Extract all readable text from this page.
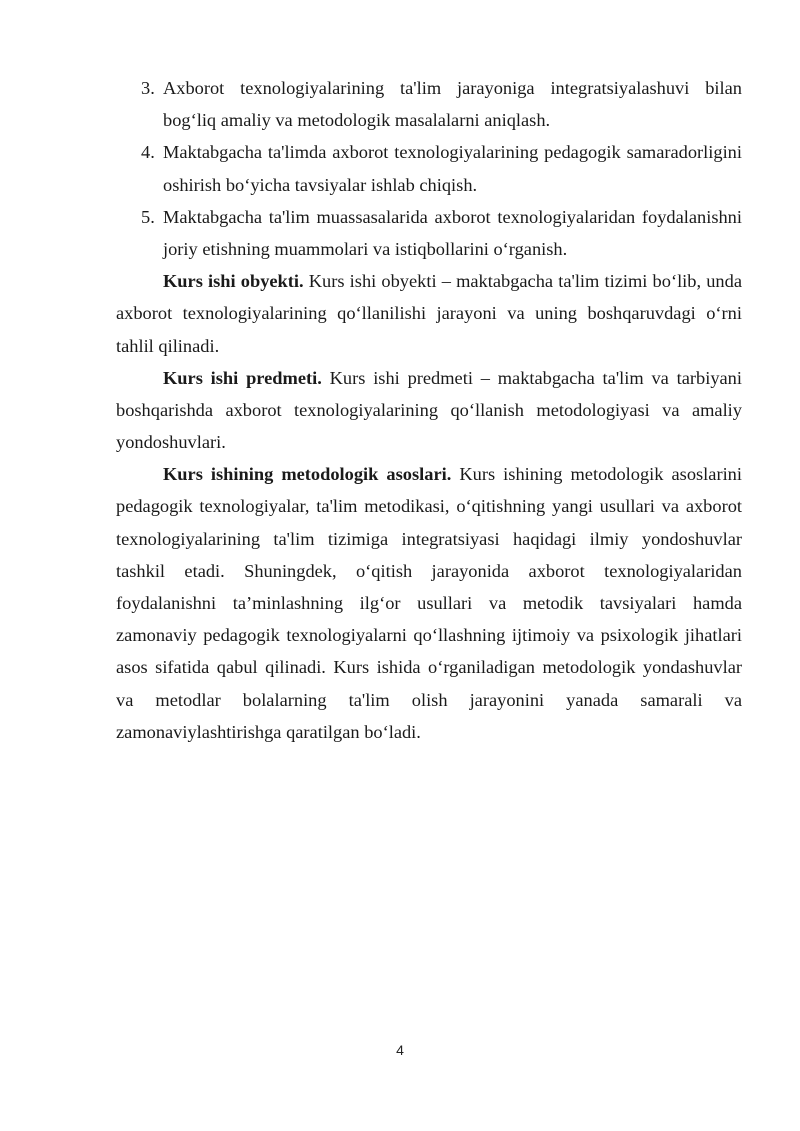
3. Axborot texnologiyalarining ta'lim jarayoniga integratsiyalashuvi bilan
bog‘liq amaliy va metodologik masalalarni aniqlash.
4. Maktabgacha ta'limda axborot texnologiyalarining pedagogik samaradorligini
oshirish bo‘yicha tavsiyalar ishlab chiqish.
5. Maktabgacha ta'lim muassasalarida axborot texnologiyalaridan foydalanishni
joriy etishning muammolari va istiqbollarini o‘rganish.
Kurs ishi obyekti. Kurs ishi obyekti – maktabgacha ta'lim tizimi bo‘lib, unda
axborot texnologiyalarining qo‘llanilishi jarayoni va uning boshqaruvdagi o‘rni
tahlil qilinadi.
Kurs ishi predmeti. Kurs ishi predmeti – maktabgacha ta'lim va tarbiyani
boshqarishda axborot texnologiyalarining qo‘llanish metodologiyasi va amaliy
yondoshuvlari.
Kurs ishining metodologik asoslari. Kurs ishining metodologik asoslarini
pedagogik texnologiyalar, ta'lim metodikasi, o‘qitishning yangi usullari va axborot
texnologiyalarining ta'lim tizimiga integratsiyasi haqidagi ilmiy yondoshuvlar
tashkil etadi. Shuningdek, o‘qitish jarayonida axborot texnologiyalaridan
foydalanishni ta’minlashning ilg‘or usullari va metodik tavsiyalari hamda
zamonaviy pedagogik texnologiyalarni qo‘llashning ijtimoiy va psixologik jihatlari
asos sifatida qabul qilinadi. Kurs ishida o‘rganiladigan metodologik yondashuvlar
va metodlar bolalarning ta'lim olish jarayonini yanada samarali va
zamonaviylashtirishga qaratilgan bo‘ladi.
4
